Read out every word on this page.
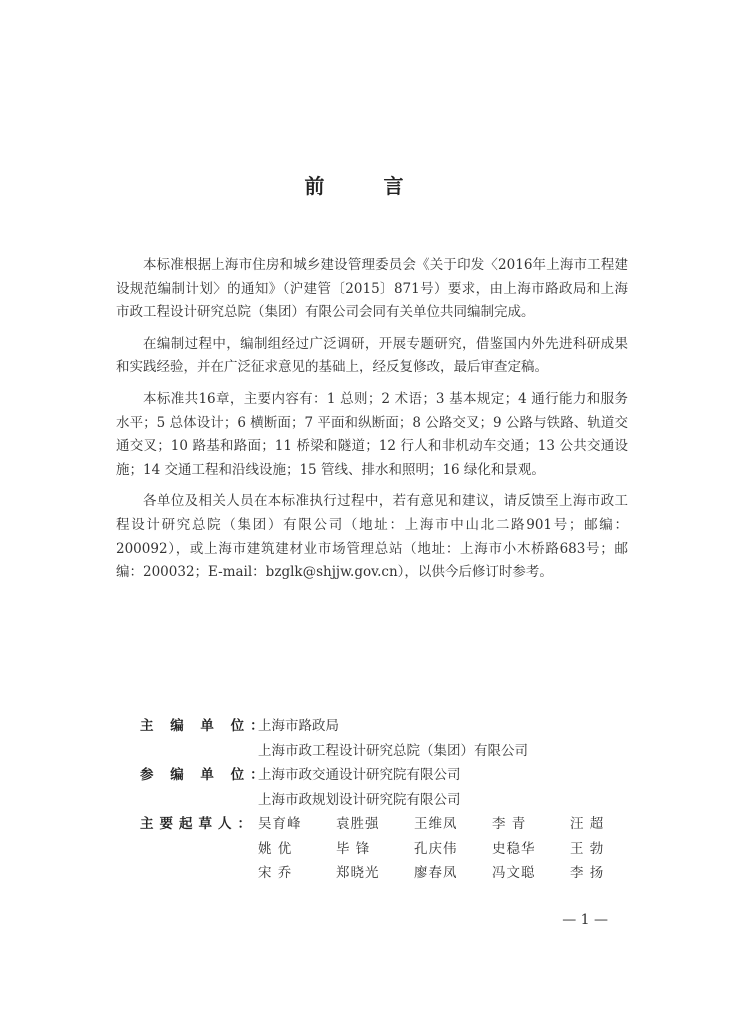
前 言

本标准根据上海市住房和城乡建设管理委员会《关于印发〈2016年上海市工程建设规范编制计划〉的通知》（沪建管〔2015〕871号）要求，由上海市路政局和上海市政工程设计研究总院（集团）有限公司会同有关单位共同编制完成。

在编制过程中，编制组经过广泛调研，开展专题研究，借鉴国内外先进科研成果和实践经验，并在广泛征求意见的基础上，经反复修改，最后审查定稿。

本标准共16章，主要内容有：1 总则；2 术语；3 基本规定；4 通行能力和服务水平；5 总体设计；6 横断面；7 平面和纵断面；8 公路交叉；9 公路与铁路、轨道交通交叉；10 路基和路面；11 桥梁和隧道；12 行人和非机动车交通；13 公共交通设施；14 交通工程和沿线设施；15 管线、排水和照明；16 绿化和景观。

各单位及相关人员在本标准执行过程中，若有意见和建议，请反馈至上海市政工程设计研究总院（集团）有限公司（地址：上海市中山北二路901号；邮编：200092），或上海市建筑建材业市场管理总站（地址：上海市小木桥路683号；邮编：200032；E-mail：bzglk@shjjw.gov.cn），以供今后修订时参考。

主 编 单 位：
上海市路政局
上海市政工程设计研究总院（集团）有限公司
参 编 单 位：
上海市政交通设计研究院有限公司
上海市政规划设计研究院有限公司
主要起草人： 吴育峰	袁胜强	王维凤	李 青	汪 超
姚 优	毕 锋	孔庆伟	史稳华	王 勃
宋 乔	郑晓光	廖春凤	冯文聪	李 扬
— 1 —
